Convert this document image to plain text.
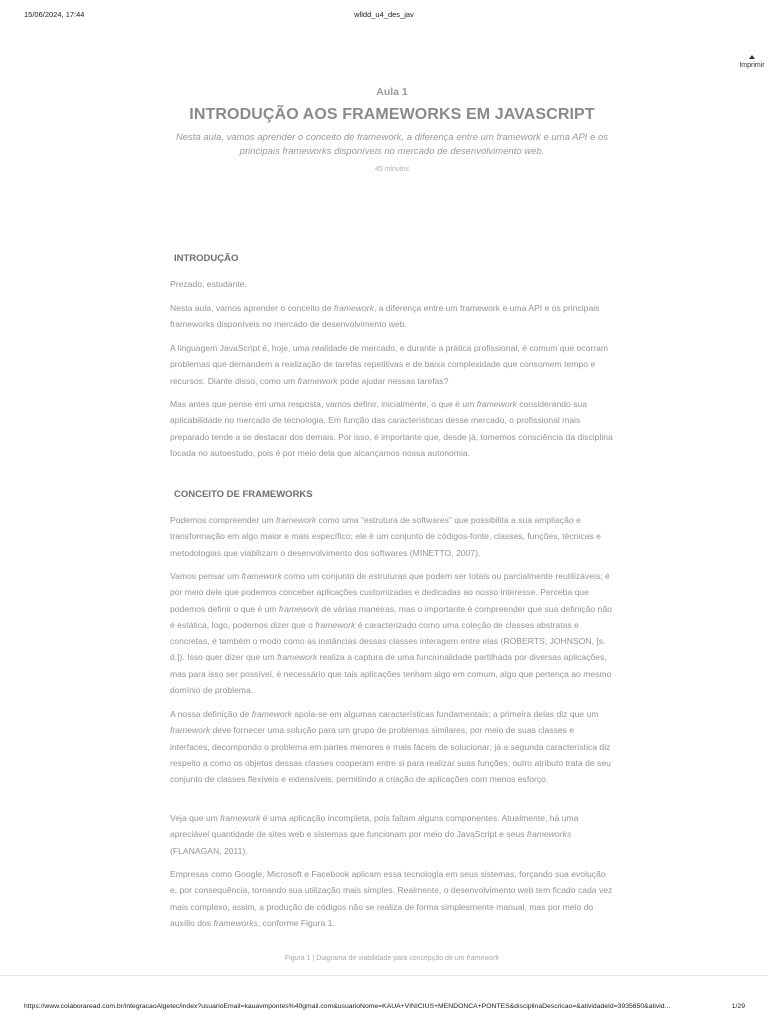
15/06/2024, 17:44	wlldd_u4_des_jav
Imprimir
Aula 1
INTRODUÇÃO AOS FRAMEWORKS EM JAVASCRIPT
Nesta aula, vamos aprender o conceito de framework, a diferença entre um framework e uma API e os principais frameworks disponíveis no mercado de desenvolvimento web.
45 minutos
INTRODUÇÃO
Prezado, estudante.
Nesta aula, vamos aprender o conceito de framework, a diferença entre um framework e uma API e os principais frameworks disponíveis no mercado de desenvolvimento web.
A linguagem JavaScript é, hoje, uma realidade de mercado, e durante a prática profissional, é comum que ocorram problemas que demandem a realização de tarefas repetitivas e de baixa complexidade que consomem tempo e recursos. Diante disso, como um framework pode ajudar nessas tarefas?
Mas antes que pense em uma resposta, vamos definir, inicialmente, o que é um framework considerando sua aplicabilidade no mercado de tecnologia. Em função das características desse mercado, o profissional mais preparado tende a se destacar dos demais. Por isso, é importante que, desde já, tomemos consciência da disciplina focada no autoestudo, pois é por meio dela que alcançamos nossa autonomia.
CONCEITO DE FRAMEWORKS
Podemos compreender um framework como uma “estrutura de softwares” que possibilita a sua ampliação e transformação em algo maior e mais específico; ele é um conjunto de códigos-fonte, classes, funções, técnicas e metodologias que viabilizam o desenvolvimento dos softwares (MINETTO, 2007).
Vamos pensar um framework como um conjunto de estruturas que podem ser totais ou parcialmente reutilizáveis; é por meio dele que podemos conceber aplicações customizadas e dedicadas ao nosso interesse. Perceba que podemos definir o que é um framework de várias maneiras, mas o importante é compreender que sua definição não é estática, logo, podemos dizer que o framework é caracterizado como uma coleção de classes abstratas e concretas, é também o modo como as instâncias dessas classes interagem entre elas (ROBERTS; JOHNSON, [s. d.]). Isso quer dizer que um framework realiza a captura de uma funcionalidade partilhada por diversas aplicações, mas para isso ser possível, é necessário que tais aplicações tenham algo em comum, algo que pertença ao mesmo domínio de problema.
A nossa definição de framework apoia-se em algumas características fundamentais; a primeira delas diz que um framework deve fornecer uma solução para um grupo de problemas similares, por meio de suas classes e interfaces, decompondo o problema em partes menores e mais fáceis de solucionar; já a segunda característica diz respeito a como os objetos dessas classes cooperam entre si para realizar suas funções; outro atributo trata de seu conjunto de classes flexíveis e extensíveis, permitindo a criação de aplicações com menos esforço.
Veja que um framework é uma aplicação incompleta, pois faltam alguns componentes. Atualmente, há uma apreciável quantidade de sites web e sistemas que funcionam por meio do JavaScript e seus frameworks (FLANAGAN, 2011).
Empresas como Google, Microsoft e Facebook aplicam essa tecnologia em seus sistemas, forçando sua evolução e, por consequência, tornando sua utilização mais simples. Realmente, o desenvolvimento web tem ficado cada vez mais complexo, assim, a produção de códigos não se realiza de forma simplesmente manual, mas por meio do auxílio dos frameworks, conforme Figura 1.
Figura 1 | Diagrama de viabilidade para concepção de um framework
https://www.colaboraread.com.br/integracaoAlgetec/index?usuarioEmail=kauavmpontes%40gmail.com&usuarioNome=KAUA+VINICIUS+MENDONCA+PONTES&disciplinaDescricao=&atividadeId=3935650&ativid...	1/29
